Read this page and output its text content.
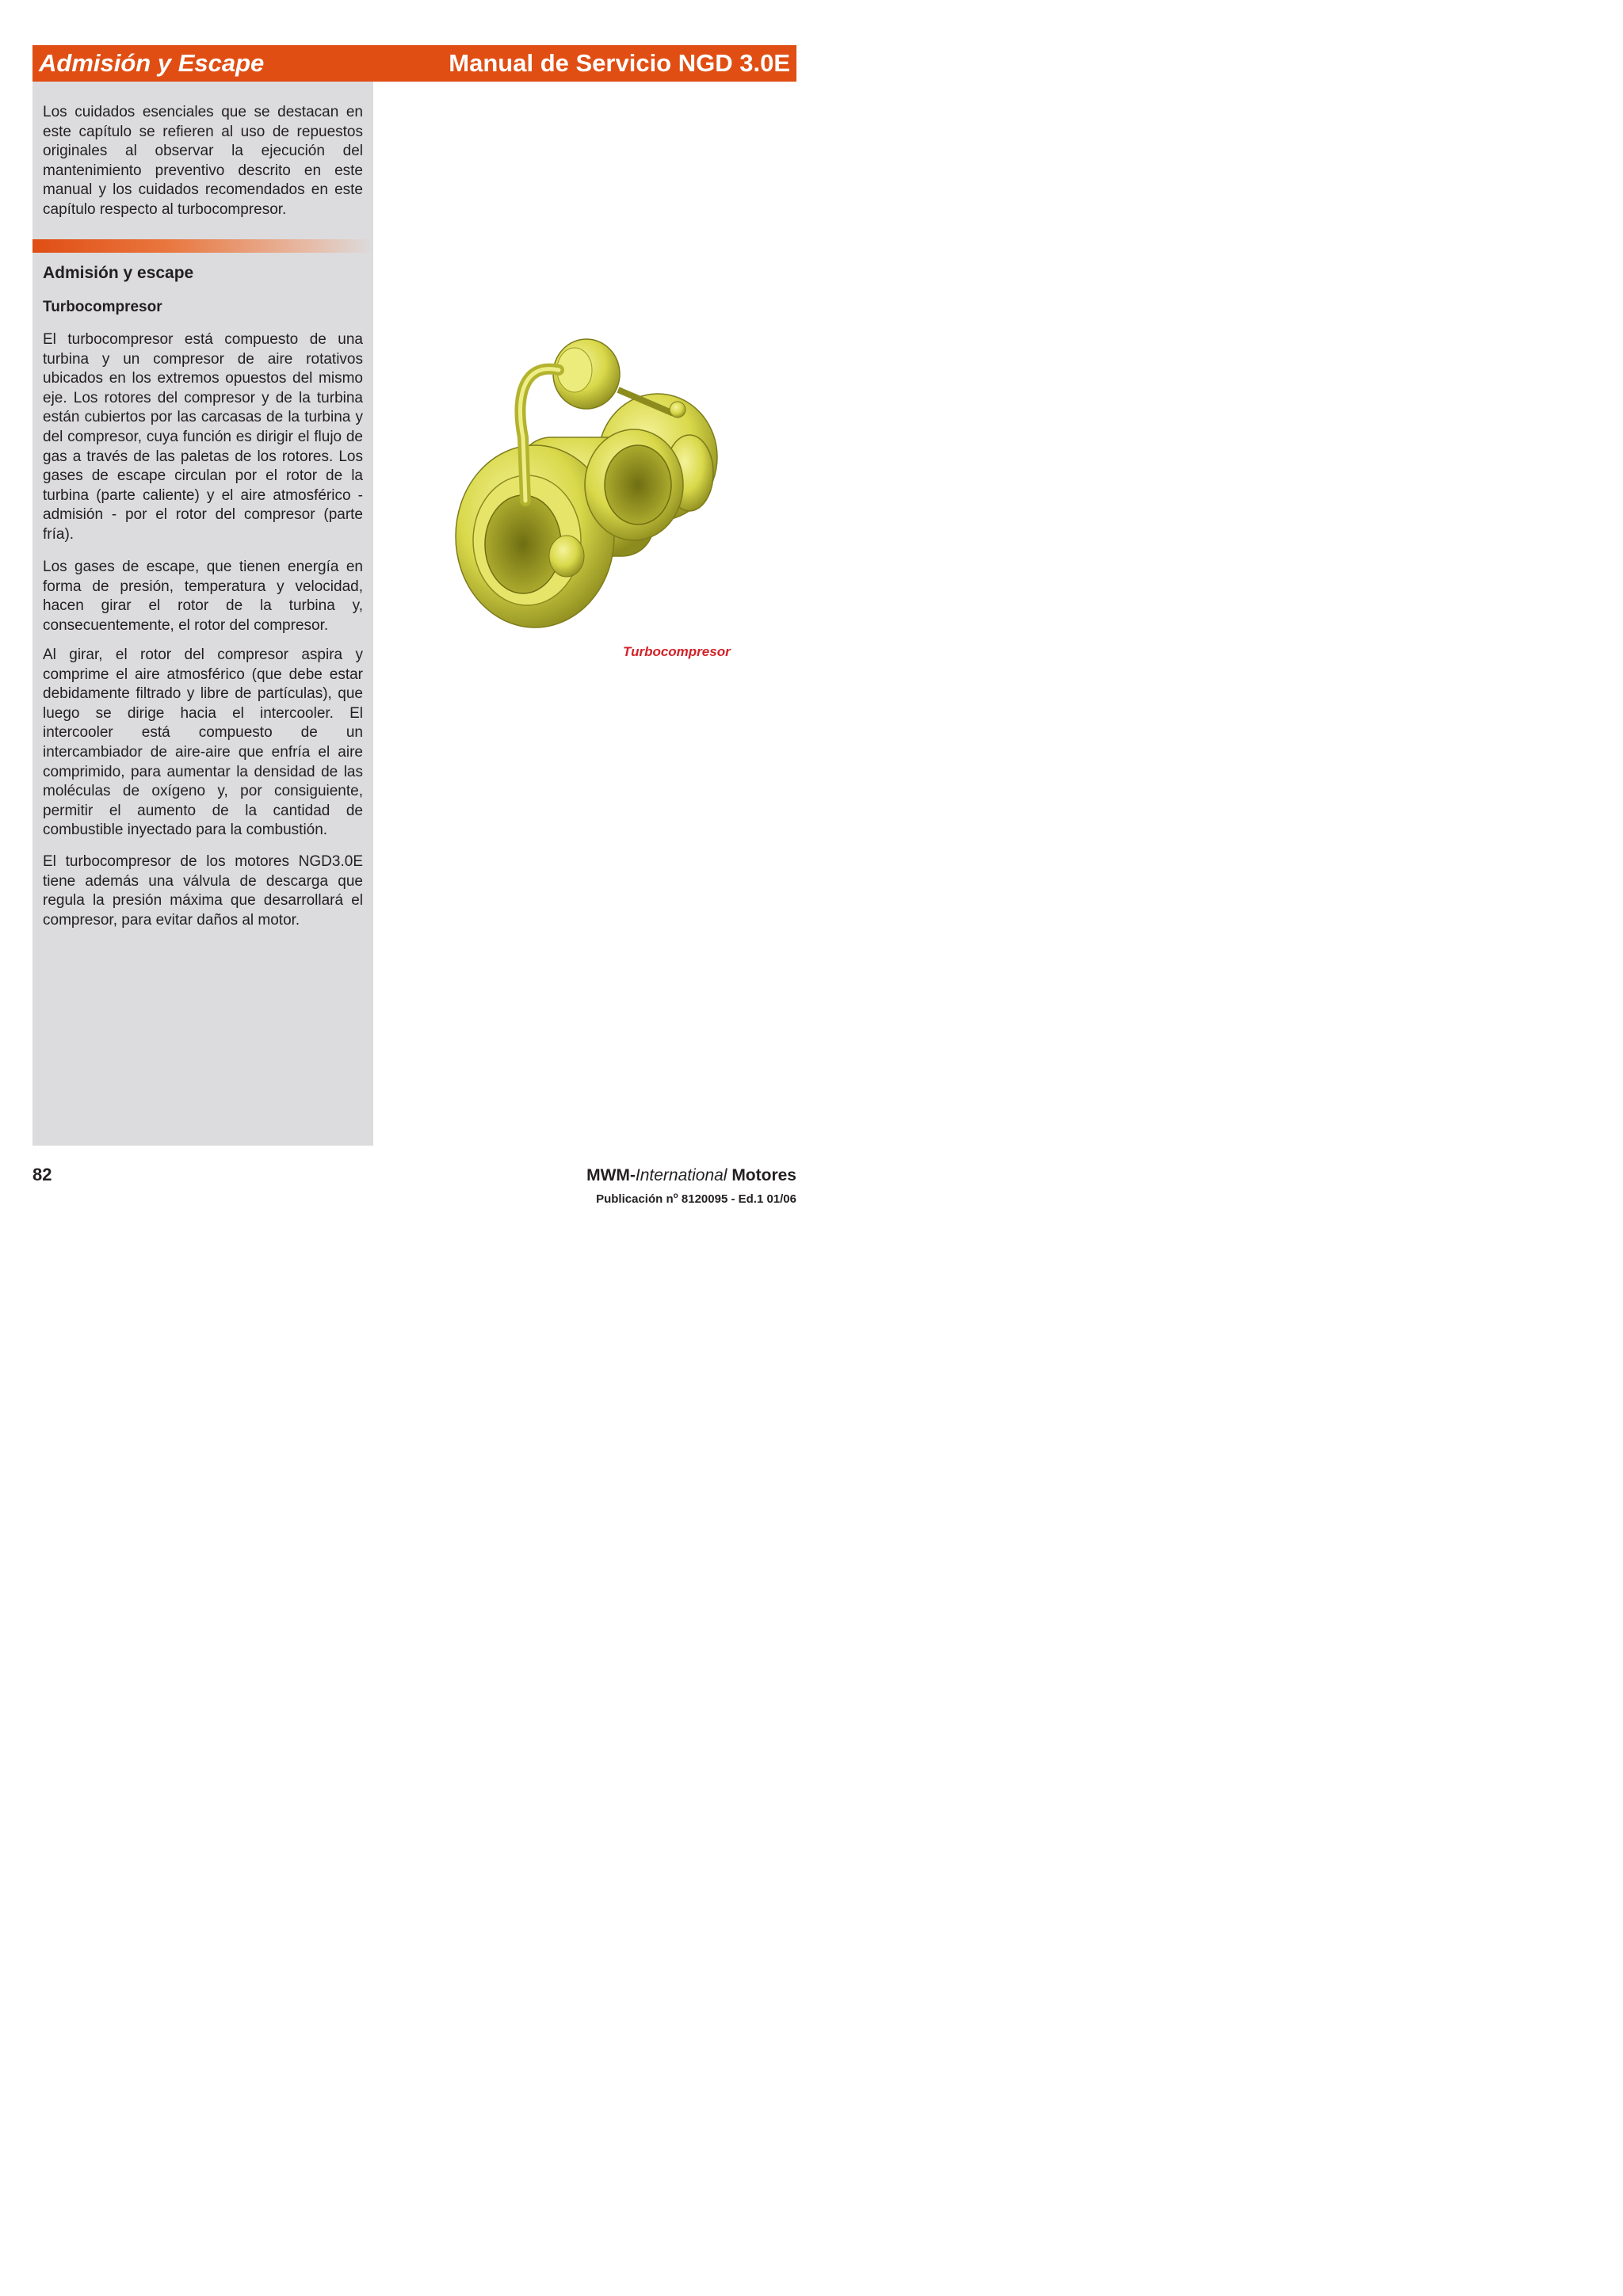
Admisión y Escape	Manual de Servicio NGD 3.0E

Los cuidados esenciales que se destacan en este capítulo se refieren al uso de repuestos originales al observar la ejecución del mantenimiento preventivo descrito en este manual y los cuidados recomendados en este capítulo respecto al turbocompresor.

Admisión y escape
Turbocompresor

El turbocompresor está compuesto de una turbina y un compresor de aire rotativos ubicados en los extremos opuestos del mismo eje. Los rotores del compresor y de la turbina están cubiertos por las carcasas de la turbina y del compresor, cuya función es dirigir el flujo de gas a través de las paletas de los rotores. Los gases de escape circulan por el rotor de la turbina (parte caliente) y el aire atmosférico - admisión - por el rotor del compresor (parte fría).

Los gases de escape, que tienen energía en forma de presión, temperatura y velocidad, hacen girar el rotor de la turbina y, consecuentemente, el rotor del compresor.

Al girar, el rotor del compresor aspira y comprime el aire atmosférico (que debe estar debidamente filtrado y libre de partículas), que luego se dirige hacia el intercooler. El intercooler está compuesto de un intercambiador de aire-aire que enfría el aire comprimido, para aumentar la densidad de las moléculas de oxígeno y, por consiguiente, permitir el aumento de la cantidad de combustible inyectado para la combustión.

El turbocompresor de los motores NGD3.0E tiene además una válvula de descarga que regula la presión máxima que desarrollará el compresor, para evitar daños al motor.

Turbocompresor
82	MWM-International Motores
Publicación $n^o$ 8120095 - Ed.1 01/06
